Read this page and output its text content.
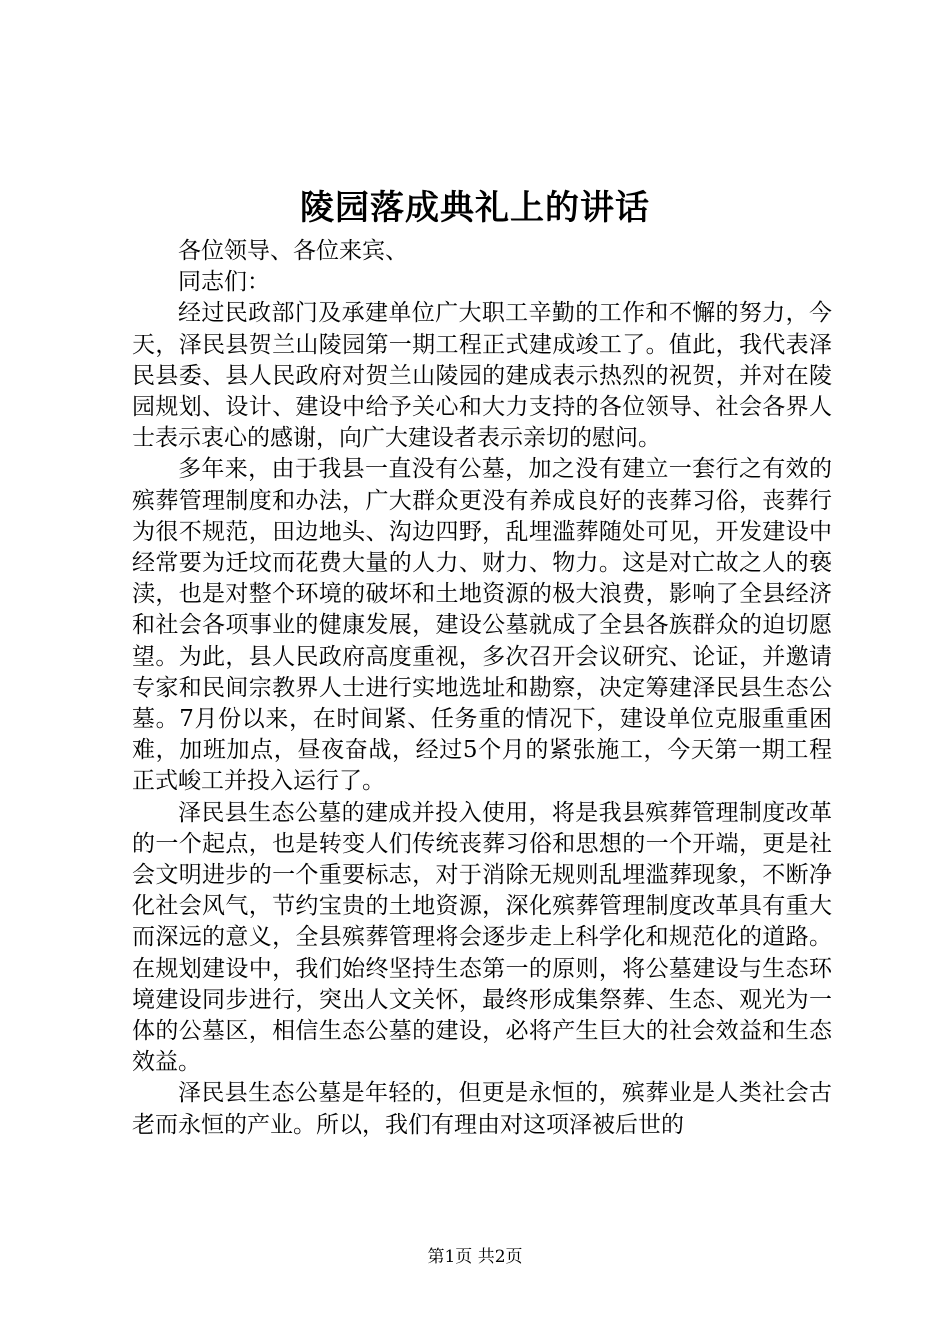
陵园落成典礼上的讲话

各位领导、各位来宾、

同志们：

经过民政部门及承建单位广大职工辛勤的工作和不懈的努力，今天，泽民县贺兰山陵园第一期工程正式建成竣工了。值此，我代表泽民县委、县人民政府对贺兰山陵园的建成表示热烈的祝贺，并对在陵园规划、设计、建设中给予关心和大力支持的各位领导、社会各界人士表示衷心的感谢，向广大建设者表示亲切的慰问。

多年来，由于我县一直没有公墓，加之没有建立一套行之有效的殡葬管理制度和办法，广大群众更没有养成良好的丧葬习俗，丧葬行为很不规范，田边地头、沟边四野，乱埋滥葬随处可见，开发建设中经常要为迁坟而花费大量的人力、财力、物力。这是对亡故之人的亵渎，也是对整个环境的破坏和土地资源的极大浪费，影响了全县经济和社会各项事业的健康发展，建设公墓就成了全县各族群众的迫切愿望。为此，县人民政府高度重视，多次召开会议研究、论证，并邀请专家和民间宗教界人士进行实地选址和勘察，决定筹建泽民县生态公墓。7月份以来，在时间紧、任务重的情况下，建设单位克服重重困难，加班加点，昼夜奋战，经过5个月的紧张施工，今天第一期工程正式峻工并投入运行了。

泽民县生态公墓的建成并投入使用，将是我县殡葬管理制度改革的一个起点，也是转变人们传统丧葬习俗和思想的一个开端，更是社会文明进步的一个重要标志，对于消除无规则乱埋滥葬现象，不断净化社会风气，节约宝贵的土地资源，深化殡葬管理制度改革具有重大而深远的意义，全县殡葬管理将会逐步走上科学化和规范化的道路。在规划建设中，我们始终坚持生态第一的原则，将公墓建设与生态环境建设同步进行，突出人文关怀，最终形成集祭葬、生态、观光为一体的公墓区，相信生态公墓的建设，必将产生巨大的社会效益和生态效益。

泽民县生态公墓是年轻的，但更是永恒的，殡葬业是人类社会古老而永恒的产业。所以，我们有理由对这项泽被后世的

第1页 共2页
